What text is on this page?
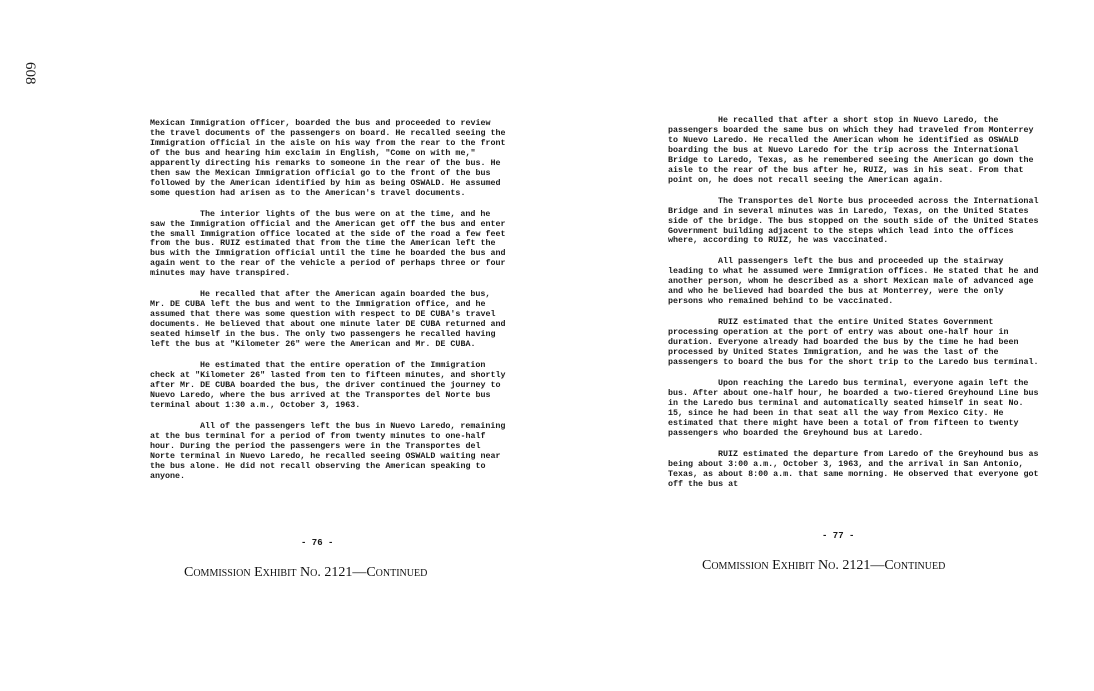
608

Mexican Immigration officer, boarded the bus and proceeded to review the travel documents of the passengers on board. He recalled seeing the Immigration official in the aisle on his way from the rear to the front of the bus and hearing him exclaim in English, "Come on with me," apparently directing his remarks to someone in the rear of the bus. He then saw the Mexican Immigration official go to the front of the bus followed by the American identified by him as being OSWALD. He assumed some question had arisen as to the American's travel documents.

The interior lights of the bus were on at the time, and he saw the Immigration official and the American get off the bus and enter the small Immigration office located at the side of the road a few feet from the bus. RUIZ estimated that from the time the American left the bus with the Immigration official until the time he boarded the bus and again went to the rear of the vehicle a period of perhaps three or four minutes may have transpired.

He recalled that after the American again boarded the bus, Mr. DE CUBA left the bus and went to the Immigration office, and he assumed that there was some question with respect to DE CUBA's travel documents. He believed that about one minute later DE CUBA returned and seated himself in the bus. The only two passengers he recalled having left the bus at "Kilometer 26" were the American and Mr. DE CUBA.

He estimated that the entire operation of the Immigration check at "Kilometer 26" lasted from ten to fifteen minutes, and shortly after Mr. DE CUBA boarded the bus, the driver continued the journey to Nuevo Laredo, where the bus arrived at the Transportes del Norte bus terminal about 1:30 a.m., October 3, 1963.

All of the passengers left the bus in Nuevo Laredo, remaining at the bus terminal for a period of from twenty minutes to one-half hour. During the period the passengers were in the Transportes del Norte terminal in Nuevo Laredo, he recalled seeing OSWALD waiting near the bus alone. He did not recall observing the American speaking to anyone.

- 76 -
Commission Exhibit No. 2121—Continued

He recalled that after a short stop in Nuevo Laredo, the passengers boarded the same bus on which they had traveled from Monterrey to Nuevo Laredo. He recalled the American whom he identified as OSWALD boarding the bus at Nuevo Laredo for the trip across the International Bridge to Laredo, Texas, as he remembered seeing the American go down the aisle to the rear of the bus after he, RUIZ, was in his seat. From that point on, he does not recall seeing the American again.

The Transportes del Norte bus proceeded across the International Bridge and in several minutes was in Laredo, Texas, on the United States side of the bridge. The bus stopped on the south side of the United States Government building adjacent to the steps which lead into the offices where, according to RUIZ, he was vaccinated.

All passengers left the bus and proceeded up the stairway leading to what he assumed were Immigration offices. He stated that he and another person, whom he described as a short Mexican male of advanced age and who he believed had boarded the bus at Monterrey, were the only persons who remained behind to be vaccinated.

RUIZ estimated that the entire United States Government processing operation at the port of entry was about one-half hour in duration. Everyone already had boarded the bus by the time he had been processed by United States Immigration, and he was the last of the passengers to board the bus for the short trip to the Laredo bus terminal.

Upon reaching the Laredo bus terminal, everyone again left the bus. After about one-half hour, he boarded a two-tiered Greyhound Line bus in the Laredo bus terminal and automatically seated himself in seat No. 15, since he had been in that seat all the way from Mexico City. He estimated that there might have been a total of from fifteen to twenty passengers who boarded the Greyhound bus at Laredo.

RUIZ estimated the departure from Laredo of the Greyhound bus as being about 3:00 a.m., October 3, 1963, and the arrival in San Antonio, Texas, as about 8:00 a.m. that same morning. He observed that everyone got off the bus at

- 77 -
Commission Exhibit No. 2121—Continued
